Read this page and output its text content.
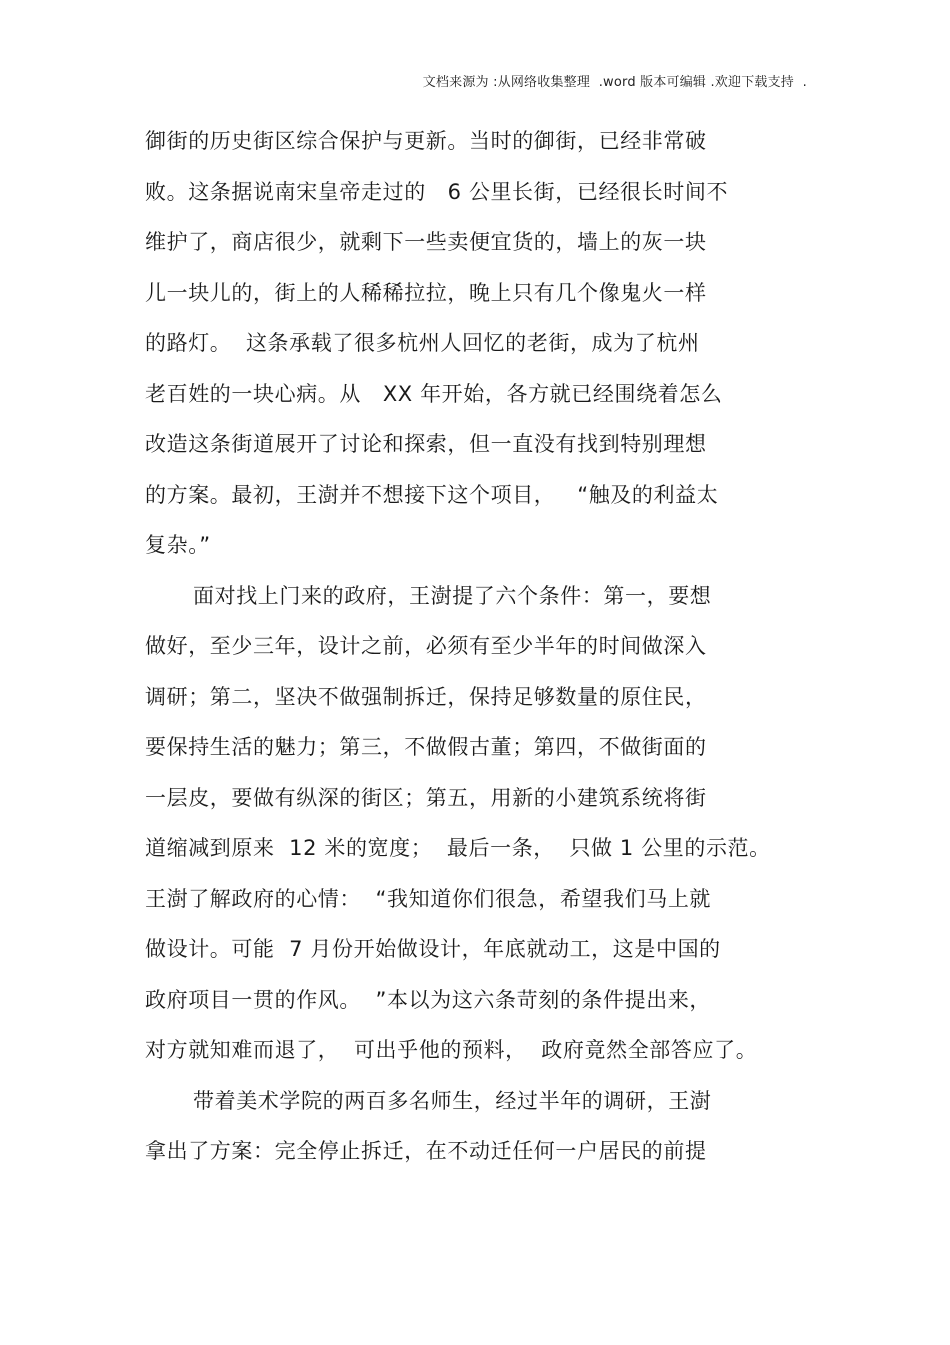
文档来源为 :从网络收集整理  .word 版本可编辑 .欢迎下载支持  .
御街的历史街区综合保护与更新。当时的御街，已经非常破
败。这条据说南宋皇帝走过的   6 公里长街，已经很长时间不
维护了，商店很少，就剩下一些卖便宜货的，墙上的灰一块
儿一块儿的，街上的人稀稀拉拉，晚上只有几个像鬼火一样
的路灯。  这条承载了很多杭州人回忆的老街，成为了杭州
老百姓的一块心病。从   XX 年开始，各方就已经围绕着怎么
改造这条街道展开了讨论和探索，但一直没有找到特别理想
的方案。最初，王澍并不想接下这个项目，   “触及的利益太
复杂。”
面对找上门来的政府，王澍提了六个条件：第一，要想
做好，至少三年，设计之前，必须有至少半年的时间做深入
调研；第二，坚决不做强制拆迁，保持足够数量的原住民，
要保持生活的魅力；第三，不做假古董；第四，不做街面的
一层皮，要做有纵深的街区；第五，用新的小建筑系统将街
道缩减到原来  12 米的宽度；  最后一条，  只做 1 公里的示范。
王澍了解政府的心情：  “我知道你们很急，希望我们马上就
做设计。可能  7 月份开始做设计，年底就动工，这是中国的
政府项目一贯的作风。  ”本以为这六条苛刻的条件提出来，
对方就知难而退了，  可出乎他的预料，  政府竟然全部答应了。
带着美术学院的两百多名师生，经过半年的调研，王澍
拿出了方案：完全停止拆迁，在不动迁任何一户居民的前提
